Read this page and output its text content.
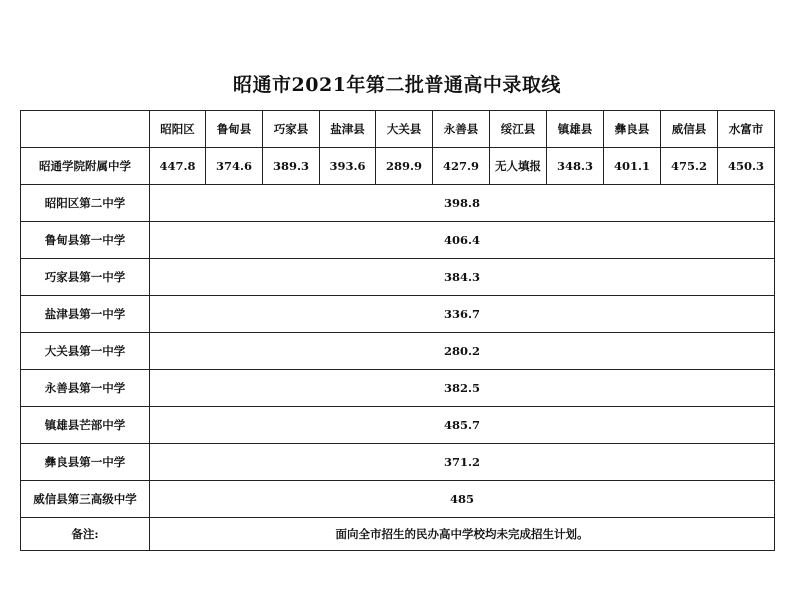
昭通市2021年第二批普通高中录取线
	昭阳区	鲁甸县	巧家县	盐津县	大关县	永善县	绥江县	镇雄县	彝良县	威信县	水富市
昭通学院附属中学	447.8	374.6	389.3	393.6	289.9	427.9	无人填报	348.3	401.1	475.2	450.3
昭阳区第二中学	398.8										
鲁甸县第一中学	406.4										
巧家县第一中学	384.3										
盐津县第一中学	336.7										
大关县第一中学	280.2										
永善县第一中学	382.5										
镇雄县芒部中学	485.7										
彝良县第一中学	371.2										
威信县第三高级中学	485										
备注:	面向全市招生的民办高中学校均未完成招生计划。										
